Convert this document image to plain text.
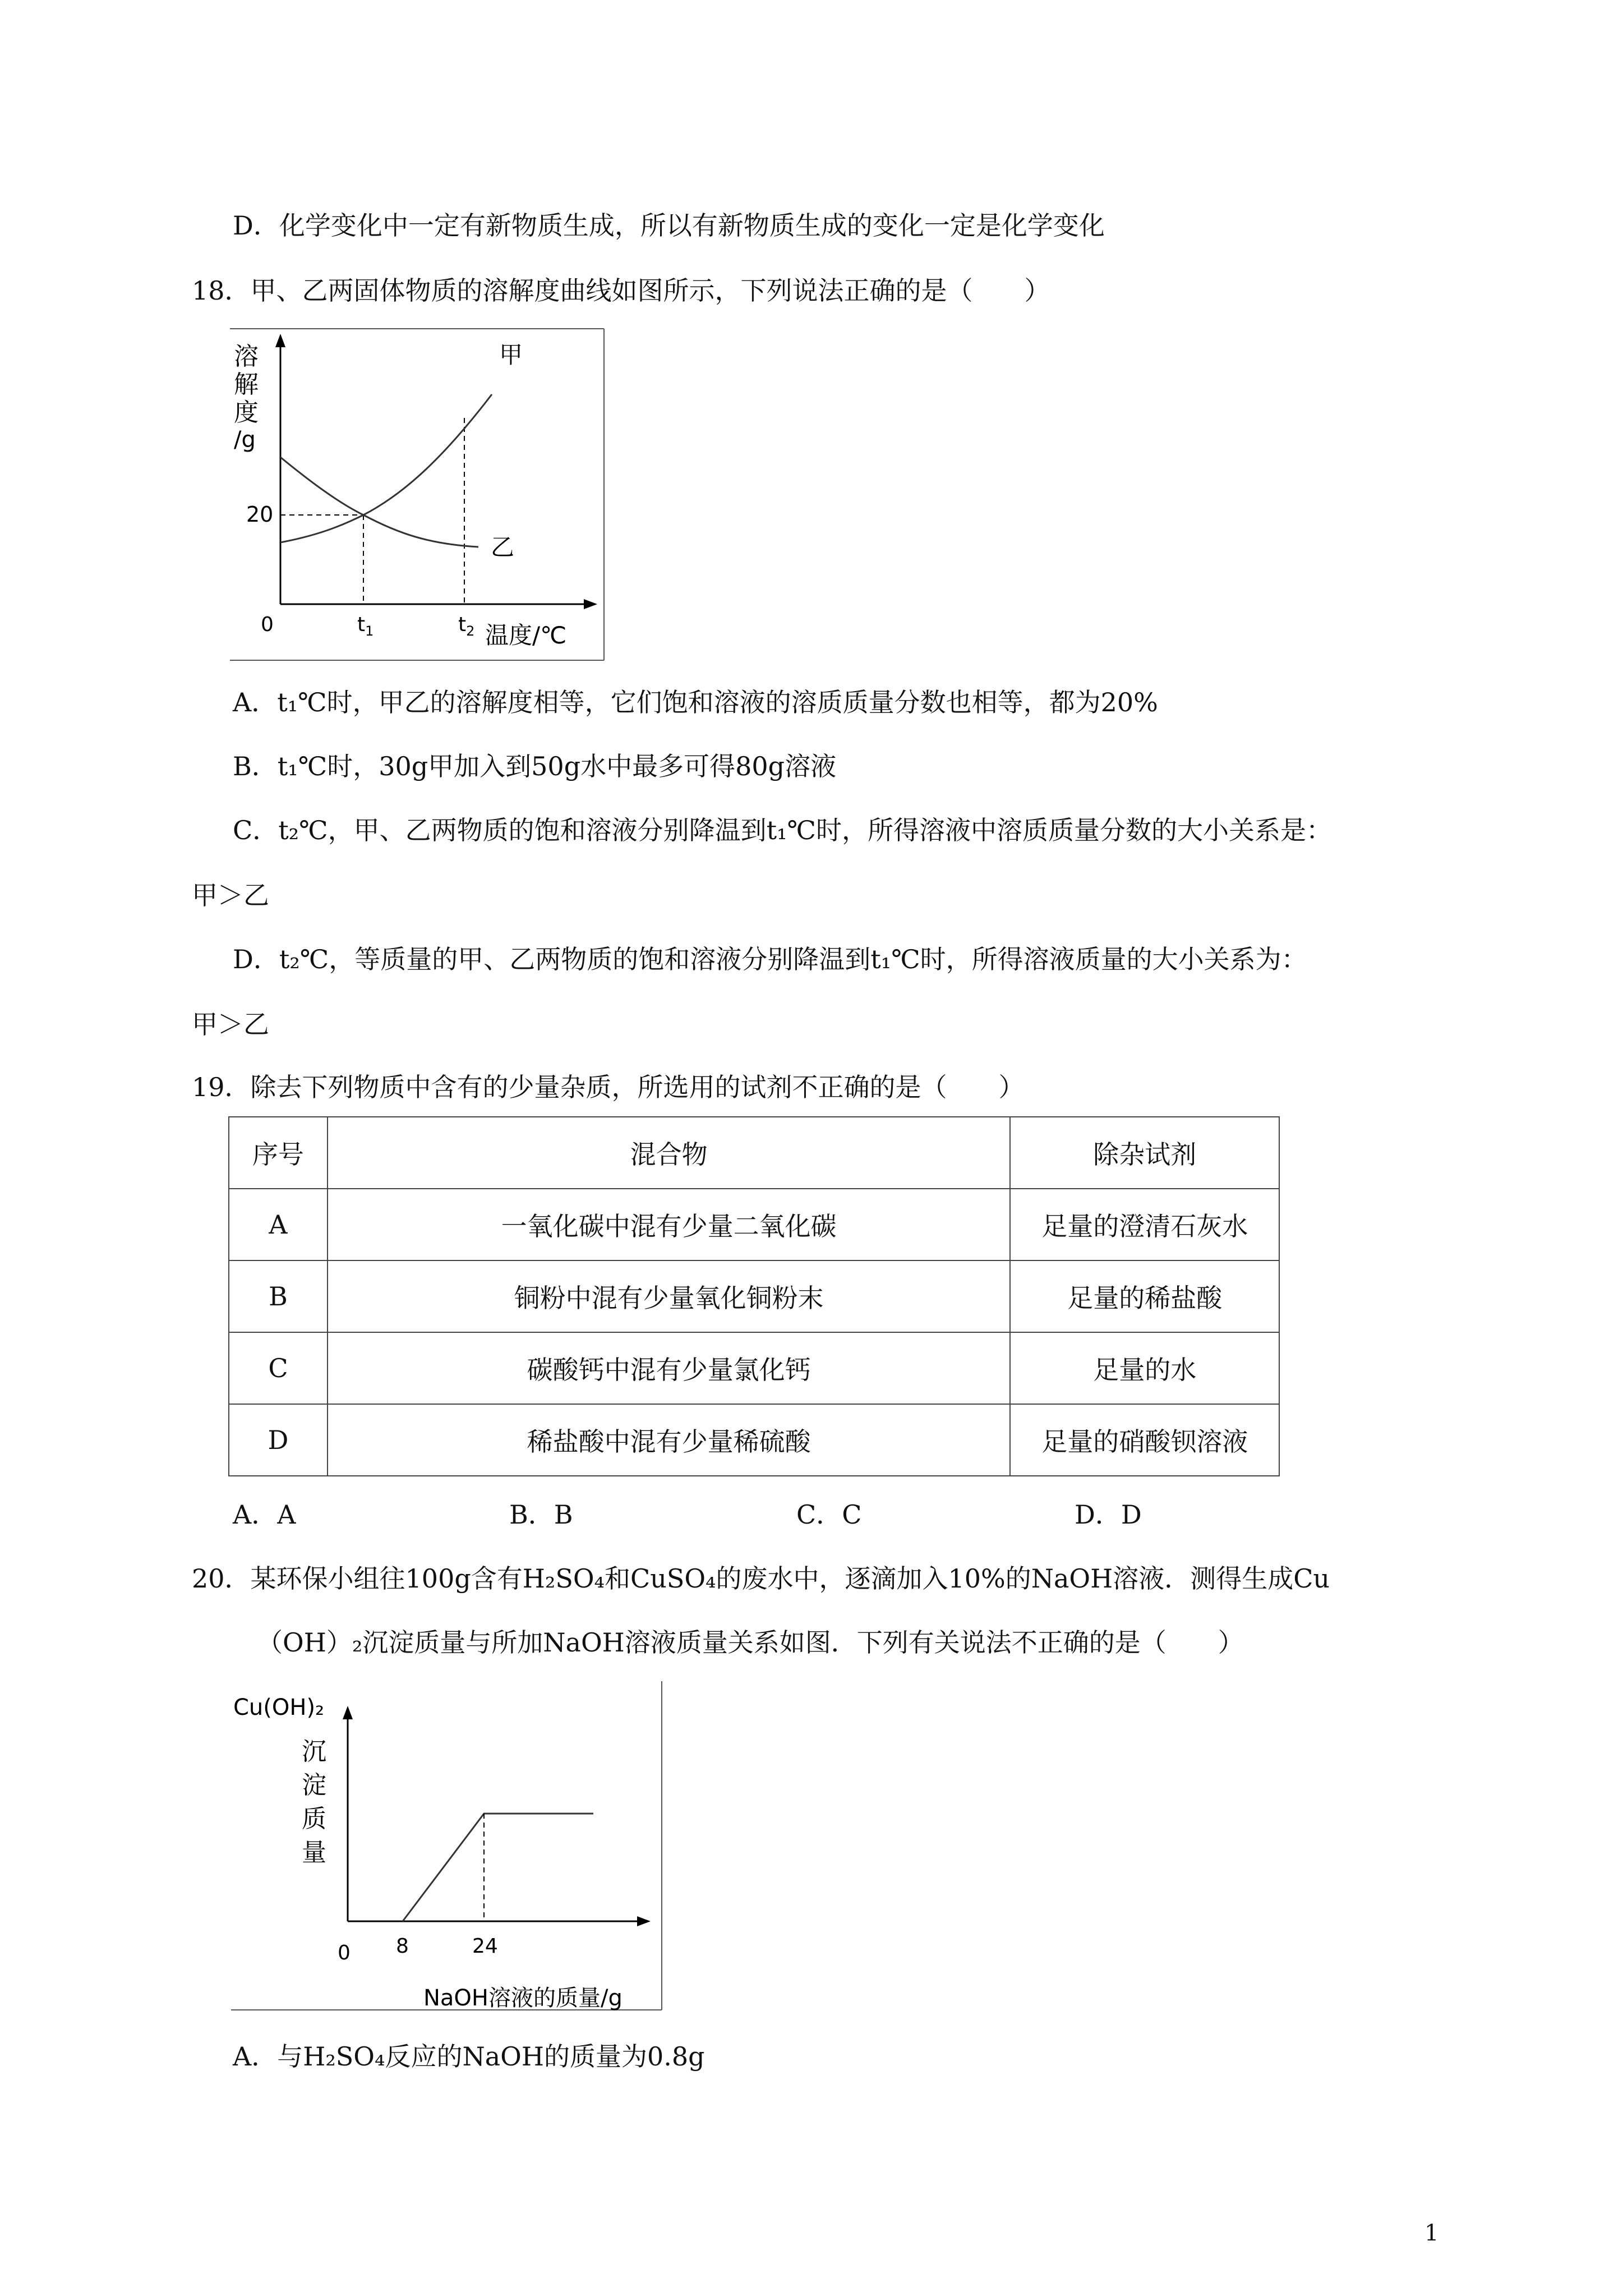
D．化学变化中一定有新物质生成，所以有新物质生成的变化一定是化学变化
18．甲、乙两固体物质的溶解度曲线如图所示，下列说法正确的是（　　）
溶
解
度
/g
20
甲
乙
0	$t_1$	$t_2$ 温度/℃
A．t₁℃时，甲乙的溶解度相等，它们饱和溶液的溶质质量分数也相等，都为20%
B．t₁℃时，30g甲加入到50g水中最多可得80g溶液
C．t₂℃，甲、乙两物质的饱和溶液分别降温到t₁℃时，所得溶液中溶质质量分数的大小关系是：
甲＞乙
D．t₂℃，等质量的甲、乙两物质的饱和溶液分别降温到t₁℃时，所得溶液质量的大小关系为：
甲＞乙
19．除去下列物质中含有的少量杂质，所选用的试剂不正确的是（　　）
序号	混合物	除杂试剂
A	一氧化碳中混有少量二氧化碳	足量的澄清石灰水
B	铜粉中混有少量氧化铜粉末	足量的稀盐酸
C	碳酸钙中混有少量氯化钙	足量的水
D	稀盐酸中混有少量稀硫酸	足量的硝酸钡溶液
A．A	B．B	C．C	D．D
20．某环保小组往100g含有H₂SO₄和CuSO₄的废水中，逐滴加入10%的NaOH溶液．测得生成Cu
（OH）₂沉淀质量与所加NaOH溶液质量关系如图．下列有关说法不正确的是（　　）
Cu(OH)₂
沉
淀
质
量
0 8	24
NaOH溶液的质量/g
A．与H₂SO₄反应的NaOH的质量为0.8g
1
